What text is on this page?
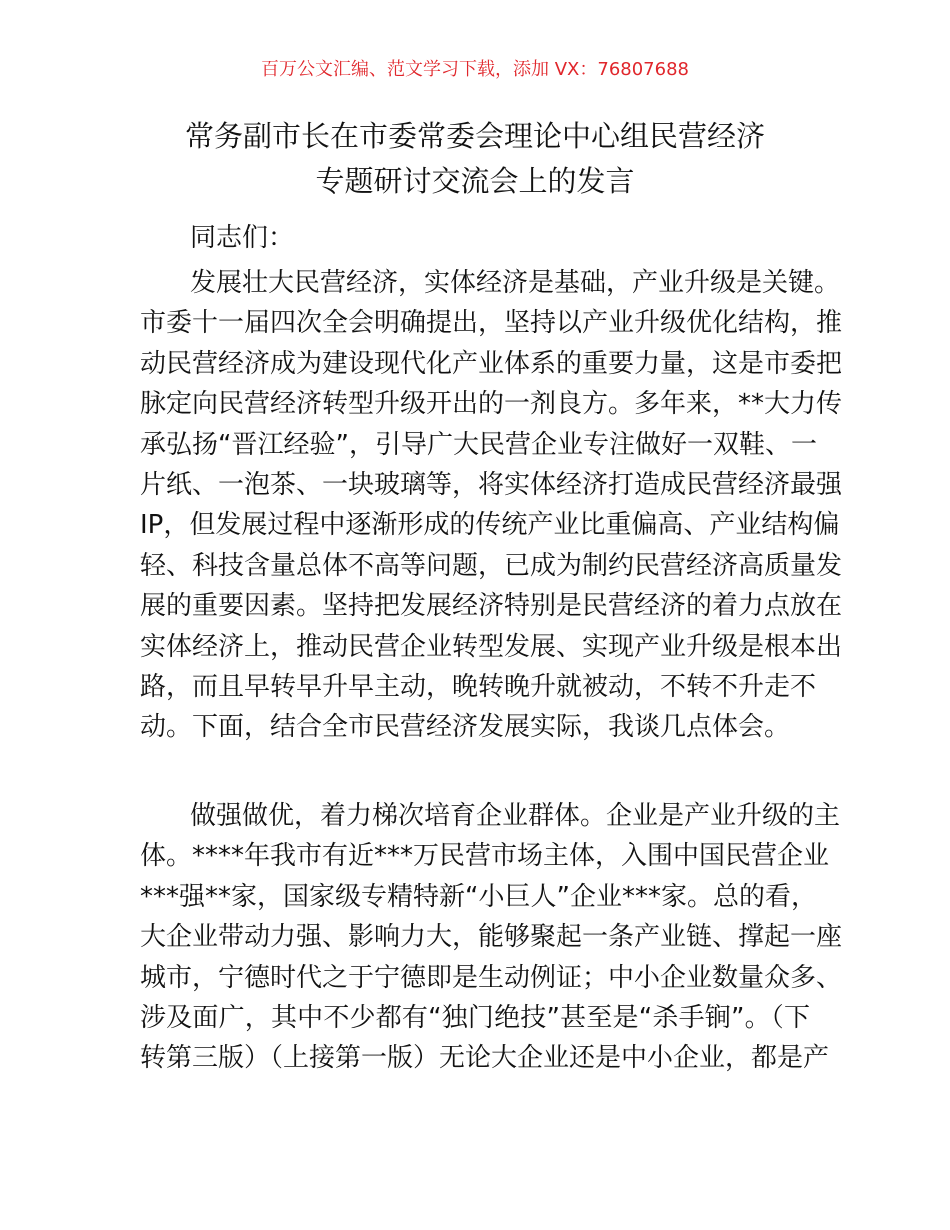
百万公文汇编、范文学习下载，添加 VX：76807688
常务副市长在市委常委会理论中心组民营经济
专题研讨交流会上的发言
同志们：
发展壮大民营经济，实体经济是基础，产业升级是关键。
市委十一届四次全会明确提出，坚持以产业升级优化结构，推
动民营经济成为建设现代化产业体系的重要力量，这是市委把
脉定向民营经济转型升级开出的一剂良方。多年来，**大力传
承弘扬“晋江经验”，引导广大民营企业专注做好一双鞋、一
片纸、一泡茶、一块玻璃等，将实体经济打造成民营经济最强
IP，但发展过程中逐渐形成的传统产业比重偏高、产业结构偏
轻、科技含量总体不高等问题，已成为制约民营经济高质量发
展的重要因素。坚持把发展经济特别是民营经济的着力点放在
实体经济上，推动民营企业转型发展、实现产业升级是根本出
路，而且早转早升早主动，晚转晚升就被动，不转不升走不
动。下面，结合全市民营经济发展实际，我谈几点体会。
做强做优，着力梯次培育企业群体。企业是产业升级的主
体。****年我市有近***万民营市场主体，入围中国民营企业
***强**家，国家级专精特新“小巨人”企业***家。总的看，
大企业带动力强、影响力大，能够聚起一条产业链、撑起一座
城市，宁德时代之于宁德即是生动例证；中小企业数量众多、
涉及面广，其中不少都有“独门绝技”甚至是“杀手锏”。（下
转第三版）（上接第一版）无论大企业还是中小企业，都是产
